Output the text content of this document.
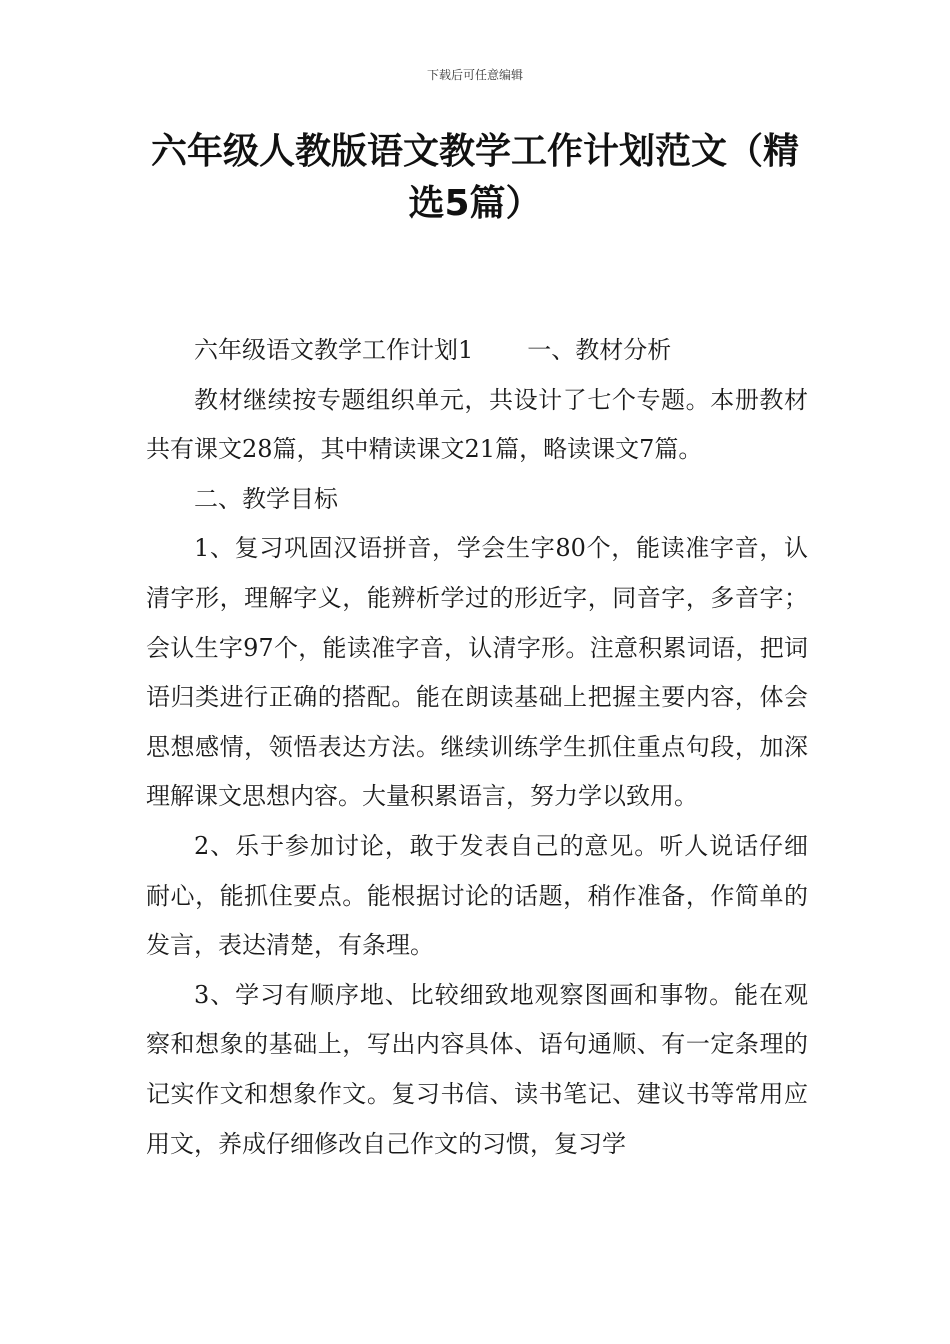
下载后可任意编辑
六年级人教版语文教学工作计划范文（精选5篇）

六年级语文教学工作计划1 一、教材分析

教材继续按专题组织单元，共设计了七个专题。本册教材共有课文28篇，其中精读课文21篇，略读课文7篇。

二、教学目标

1、复习巩固汉语拼音，学会生字80个，能读准字音，认清字形，理解字义，能辨析学过的形近字，同音字，多音字；会认生字97个，能读准字音，认清字形。注意积累词语，把词语归类进行正确的搭配。能在朗读基础上把握主要内容，体会思想感情，领悟表达方法。继续训练学生抓住重点句段，加深理解课文思想内容。大量积累语言，努力学以致用。

2、乐于参加讨论，敢于发表自己的意见。听人说话仔细耐心，能抓住要点。能根据讨论的话题，稍作准备，作简单的发言，表达清楚，有条理。

3、学习有顺序地、比较细致地观察图画和事物。能在观察和想象的基础上，写出内容具体、语句通顺、有一定条理的记实作文和想象作文。复习书信、读书笔记、建议书等常用应用文，养成仔细修改自己作文的习惯，复习学
